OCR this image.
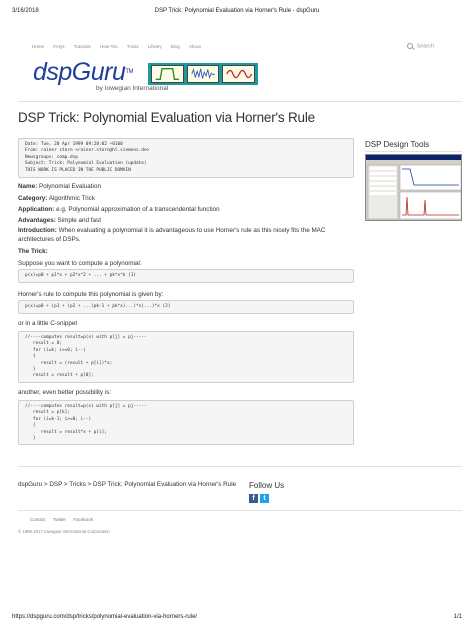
3/16/2018	DSP Trick: Polynomial Evaluation via Horner's Rule - dspGuru
Home FAQs Tutorials How-Tos Tricks Library Blog About	Search
dspGuru™
by Iowegian International
DSP Trick: Polynomial Evaluation via Horner's Rule
Date: Tue, 20 Apr 1999 09:28:02 +0100
From: rainer storn <rainer.storn@hl.siemens.de>
Newsgroups: comp.dsp
Subject: Trick: Polynomial Evaluation (update)
THIS WORK IS PLACED IN THE PUBLIC DOMAIN
Name: Polynomial Evaluation
Category: Algorithmic Trick
Application: e.g. Polynomial approximation of a transcendental function
Advantages: Simple and fast
Introduction: When evaluating a polynomial it is advantageous to use Horner's rule as this nicely fits the MAC architectures of DSPs.
The Trick:
Suppose you want to compute a polynomial:
p(x)=p0 + p1*x + p2*x^2 + ... + pk*x^k (1)
Horner's rule to compute this polynomial is given by:
p(x)=p0 + (p1 + (p2 + ...(pk-1 + pk*x)...)*x)...)*x (2)
or in a little C-snippet
//----computes result=p(x) with p[j] = pj-----
result = 0;
for (i=k; i>=0; i--)
{
result = (result + p[i])*x;
}
result = result + p[0];
another, even better possibility is:
//----computes result=p(x) with p[j] = pj-----
result = p[k];
for (i=k-1; i>=0; i--)
{
result = result*x + p[i];
}
DSP Design Tools
dspGuru > DSP > Tricks > DSP Trick: Polynomial Evaluation via Horner's Rule Follow Us
f	t
Contact Twitter Facebook
© 1999-2017 Iowegian International Corporation
https://dspguru.com/dsp/tricks/polynomial-evaluation-via-horners-rule/	1/1
